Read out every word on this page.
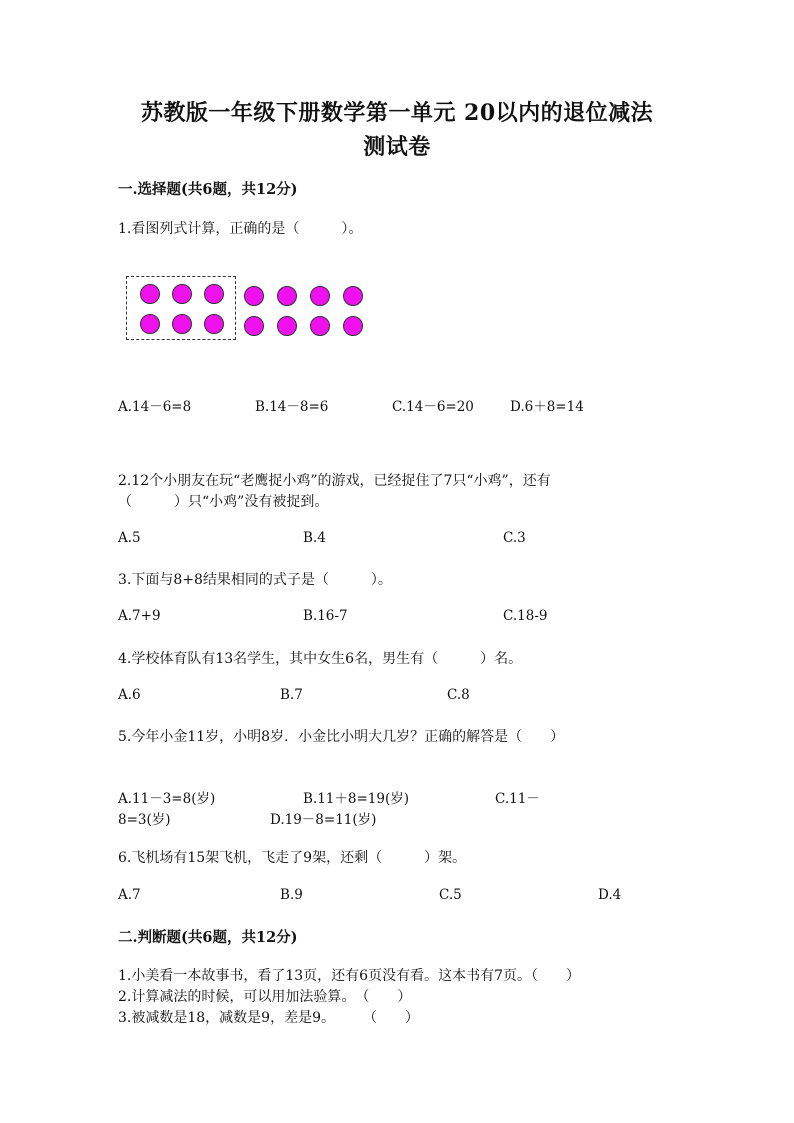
苏教版一年级下册数学第一单元 20以内的退位减法
测试卷
一.选择题(共6题，共12分)
1.看图列式计算，正确的是（　　　）。
A.14－6=8	B.14－8=6	C.14－6=20	D.6＋8=14
2.12个小朋友在玩“老鹰捉小鸡”的游戏，已经捉住了7只“小鸡”，还有
（　　　）只“小鸡”没有被捉到。
A.5	B.4	C.3
3.下面与8+8结果相同的式子是（　　　）。
A.7+9	B.16-7	C.18-9
4.学校体育队有13名学生，其中女生6名，男生有（　　　）名。
A.6	B.7	C.8
5.今年小金11岁，小明8岁．小金比小明大几岁？正确的解答是（　　）
A.11－3=8(岁)	B.11＋8=19(岁)	C.11－
8=3(岁)	D.19－8=11(岁)
6.飞机场有15架飞机，飞走了9架，还剩（　　　）架。
A.7	B.9	C.5	D.4
二.判断题(共6题，共12分)
1.小美看一本故事书，看了13页，还有6页没有看。这本书有7页。（　　）
2.计算减法的时候，可以用加法验算。　（　　）
3.被减数是18，减数是9，差是9。　　　（　　）
